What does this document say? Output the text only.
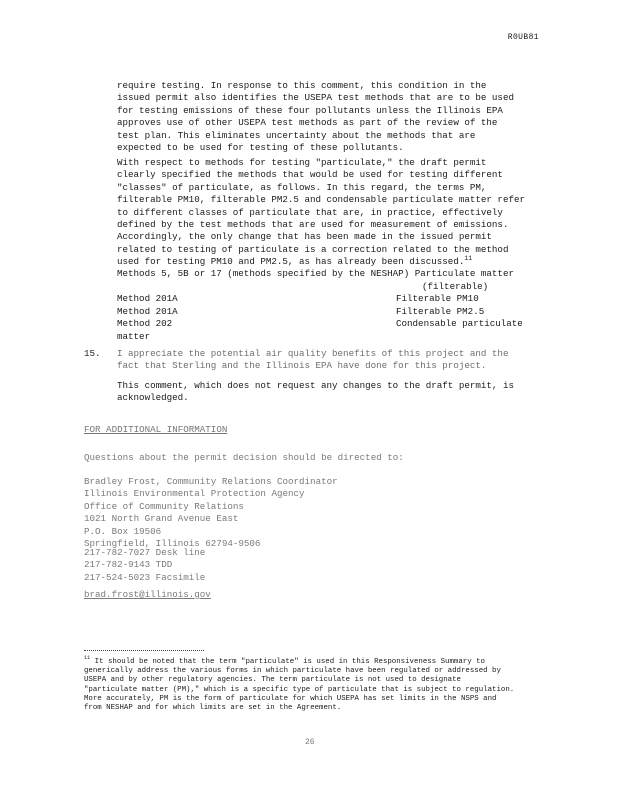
R0UB81
require testing. In response to this comment, this condition in the
issued permit also identifies the USEPA test methods that are to be used
for testing emissions of these four pollutants unless the Illinois EPA
approves use of other USEPA test methods as part of the review of the
test plan. This eliminates uncertainty about the methods that are
expected to be used for testing of these pollutants.
With respect to methods for testing "particulate," the draft permit
clearly specified the methods that would be used for testing different
"classes" of particulate, as follows. In this regard, the terms PM,
filterable PM10, filterable PM2.5 and condensable particulate matter refer
to different classes of particulate that are, in practice, effectively
defined by the test methods that are used for measurement of emissions.
Accordingly, the only change that has been made in the issued permit
related to testing of particulate is a correction related to the method
used for testing PM10 and PM2.5, as has already been discussed.$^{11}$
Methods 5, 5B or 17 (methods specified by the NESHAP) Particulate matter
(filterable)
Method 201A	Filterable PM10
Method 201A	Filterable PM2.5
Method 202	Condensable particulate
matter
15. I appreciate the potential air quality benefits of this project and the
fact that Sterling and the Illinois EPA have done for this project.
This comment, which does not request any changes to the draft permit, is
acknowledged.
FOR ADDITIONAL INFORMATION
Questions about the permit decision should be directed to:
Bradley Frost, Community Relations Coordinator
Illinois Environmental Protection Agency
Office of Community Relations
1021 North Grand Avenue East
P.O. Box 19506
Springfield, Illinois 62794-9506
217-782-7027 Desk line
217-782-9143 TDD
217-524-5023 Facsimile
brad.frost@illinois.gov
$^{11}$ It should be noted that the term "particulate" is used in this Responsiveness Summary to
generically address the various forms in which particulate have been regulated or addressed by
USEPA and by other regulatory agencies. The term particulate is not used to designate
"particulate matter (PM)," which is a specific type of particulate that is subject to regulation.
More accurately, PM is the form of particulate for which USEPA has set limits in the NSPS and
from NESHAP and for which limits are set in the Agreement.
26
